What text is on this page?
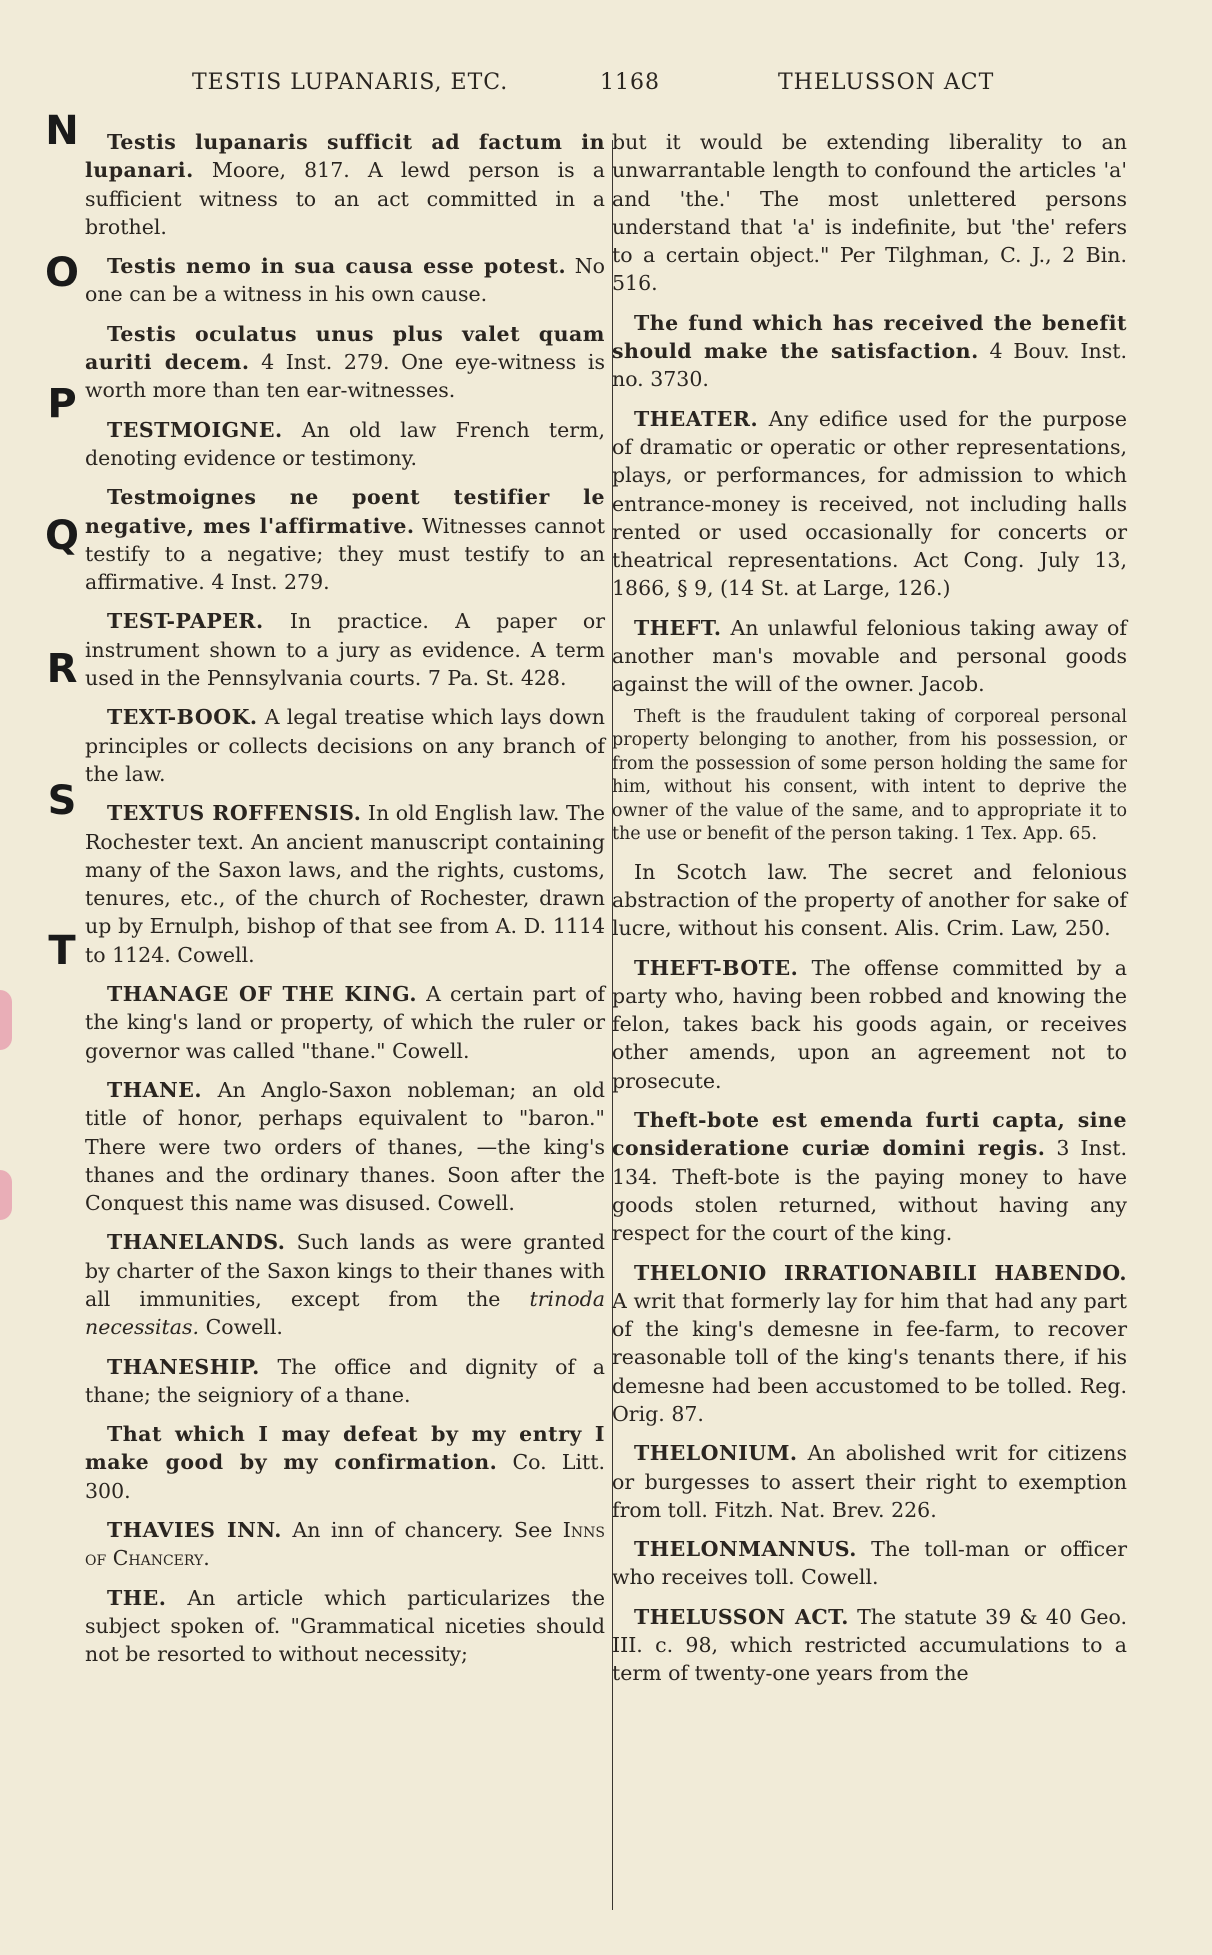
TESTIS LUPANARIS, ETC.	1168	THELUSSON ACT
N
O
P
Q
R
S
T

Testis lupanaris sufficit ad factum in lupanari. Moore, 817. A lewd person is a sufficient witness to an act committed in a brothel.

Testis nemo in sua causa esse potest. No one can be a witness in his own cause.

Testis oculatus unus plus valet quam auriti decem. 4 Inst. 279. One eye-witness is worth more than ten ear-witnesses.

TESTMOIGNE. An old law French term, denoting evidence or testimony.

Testmoignes ne poent testifier le negative, mes l'affirmative. Witnesses cannot testify to a negative; they must testify to an affirmative. 4 Inst. 279.

TEST-PAPER. In practice. A paper or instrument shown to a jury as evidence. A term used in the Pennsylvania courts. 7 Pa. St. 428.

TEXT-BOOK. A legal treatise which lays down principles or collects decisions on any branch of the law.

TEXTUS ROFFENSIS. In old English law. The Rochester text. An ancient manuscript containing many of the Saxon laws, and the rights, customs, tenures, etc., of the church of Rochester, drawn up by Ernulph, bishop of that see from A. D. 1114 to 1124. Cowell.

THANAGE OF THE KING. A certain part of the king's land or property, of which the ruler or governor was called "thane." Cowell.

THANE. An Anglo-Saxon nobleman; an old title of honor, perhaps equivalent to "baron." There were two orders of thanes, —the king's thanes and the ordinary thanes. Soon after the Conquest this name was disused. Cowell.

THANELANDS. Such lands as were granted by charter of the Saxon kings to their thanes with all immunities, except from the trinoda necessitas. Cowell.

THANESHIP. The office and dignity of a thane; the seigniory of a thane.

That which I may defeat by my entry I make good by my confirmation. Co. Litt. 300.

THAVIES INN. An inn of chancery. See Inns of Chancery.

THE. An article which particularizes the subject spoken of. "Grammatical niceties should not be resorted to without necessity;

but it would be extending liberality to an unwarrantable length to confound the articles 'a' and 'the.' The most unlettered persons understand that 'a' is indefinite, but 'the' refers to a certain object." Per Tilghman, C. J., 2 Bin. 516.

The fund which has received the benefit should make the satisfaction. 4 Bouv. Inst. no. 3730.

THEATER. Any edifice used for the purpose of dramatic or operatic or other representations, plays, or performances, for admission to which entrance-money is received, not including halls rented or used occasionally for concerts or theatrical representations. Act Cong. July 13, 1866, § 9, (14 St. at Large, 126.)

THEFT. An unlawful felonious taking away of another man's movable and personal goods against the will of the owner. Jacob.

Theft is the fraudulent taking of corporeal personal property belonging to another, from his possession, or from the possession of some person holding the same for him, without his consent, with intent to deprive the owner of the value of the same, and to appropriate it to the use or benefit of the person taking. 1 Tex. App. 65.

In Scotch law. The secret and felonious abstraction of the property of another for sake of lucre, without his consent. Alis. Crim. Law, 250.

THEFT-BOTE. The offense committed by a party who, having been robbed and knowing the felon, takes back his goods again, or receives other amends, upon an agreement not to prosecute.

Theft-bote est emenda furti capta, sine consideratione curiæ domini regis. 3 Inst. 134. Theft-bote is the paying money to have goods stolen returned, without having any respect for the court of the king.

THELONIO IRRATIONABILI HABENDO. A writ that formerly lay for him that had any part of the king's demesne in fee-farm, to recover reasonable toll of the king's tenants there, if his demesne had been accustomed to be tolled. Reg. Orig. 87.

THELONIUM. An abolished writ for citizens or burgesses to assert their right to exemption from toll. Fitzh. Nat. Brev. 226.

THELONMANNUS. The toll-man or officer who receives toll. Cowell.

THELUSSON ACT. The statute 39 & 40 Geo. III. c. 98, which restricted accumulations to a term of twenty-one years from the
